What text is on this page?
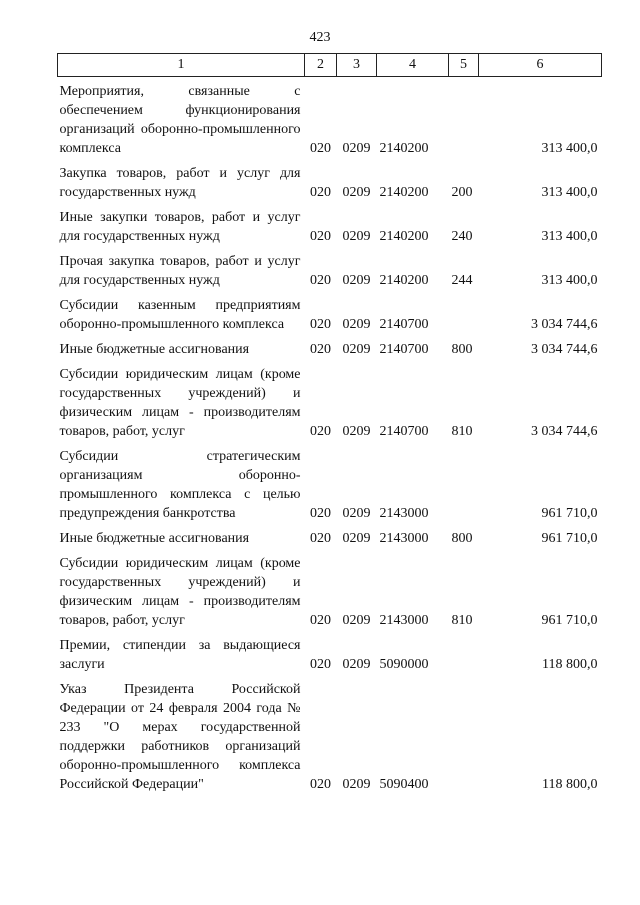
423
1	2	3	4	5	6
Мероприятия, связанные с обеспечением функционирования организаций оборонно-промышленного комплекса	020	0209	2140200		313 400,0
Закупка товаров, работ и услуг для государственных нужд	020	0209	2140200	200	313 400,0
Иные закупки товаров, работ и услуг для государственных нужд	020	0209	2140200	240	313 400,0
Прочая закупка товаров, работ и услуг для государственных нужд	020	0209	2140200	244	313 400,0
Субсидии казенным предприятиям оборонно-промышленного комплекса	020	0209	2140700		3 034 744,6
Иные бюджетные ассигнования	020	0209	2140700	800	3 034 744,6
Субсидии юридическим лицам (кроме государственных учреждений) и физическим лицам - производителям товаров, работ, услуг	020	0209	2140700	810	3 034 744,6
Субсидии стратегическим организациям оборонно-промышленного комплекса с целью предупреждения банкротства	020	0209	2143000		961 710,0
Иные бюджетные ассигнования	020	0209	2143000	800	961 710,0
Субсидии юридическим лицам (кроме государственных учреждений) и физическим лицам - производителям товаров, работ, услуг	020	0209	2143000	810	961 710,0
Премии, стипендии за выдающиеся заслуги	020	0209	5090000		118 800,0
Указ Президента Российской Федерации от 24 февраля 2004 года № 233 "О мерах государственной поддержки работников организаций оборонно-промышленного комплекса Российской Федерации"	020	0209	5090400		118 800,0
